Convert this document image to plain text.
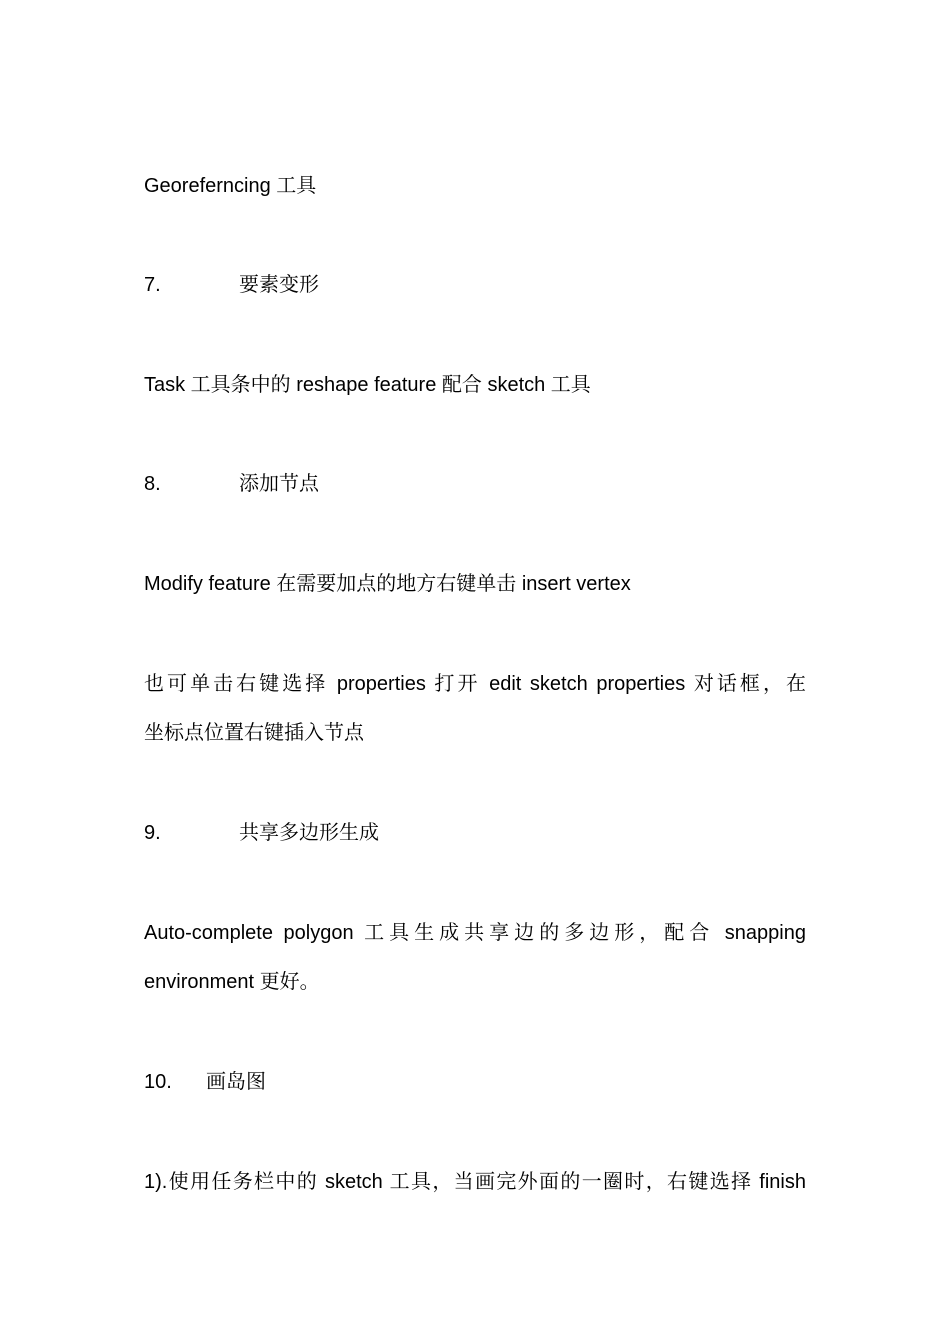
Georeferncing 工具
7.	要素变形
Task 工具条中的 reshape feature 配合 sketch 工具
8.	添加节点
Modify feature 在需要加点的地方右键单击 insert vertex
也可单击右键选择 properties 打开 edit sketch properties 对话框，在
坐标点位置右键插入节点
9.	共享多边形生成
Auto-complete polygon 工具生成共享边的多边形，配合 snapping
environment 更好。
10. 画岛图
1).使用任务栏中的 sketch 工具，当画完外面的一圈时，右键选择 finish
